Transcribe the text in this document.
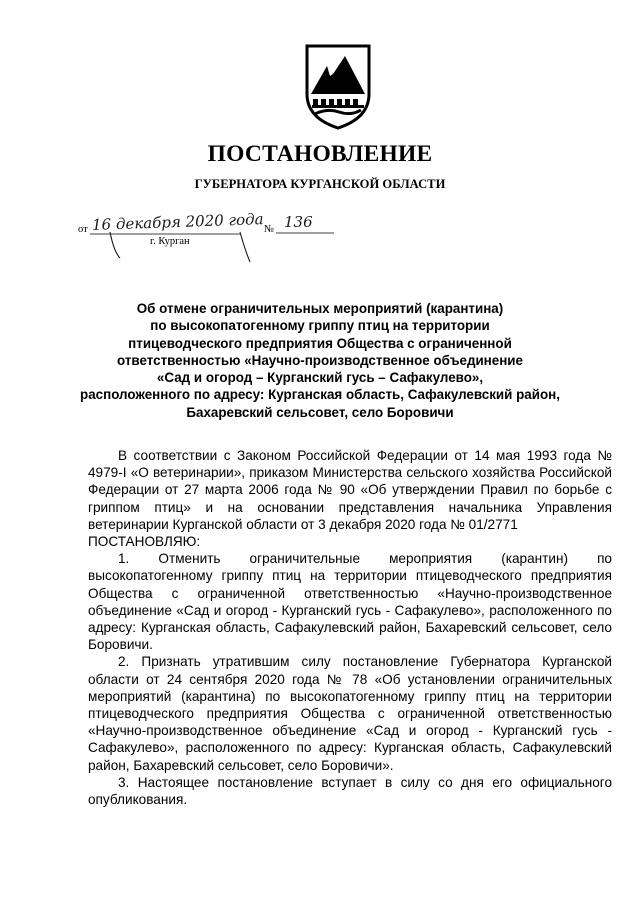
ПОСТАНОВЛЕНИЕ
ГУБЕРНАТОРА КУРГАНСКОЙ ОБЛАСТИ
от 16 декабря 2020 года № 136
г. Курган
Об отмене ограничительных мероприятий (карантина)
по высокопатогенному гриппу птиц на территории
птицеводческого предприятия Общества с ограниченной
ответственностью «Научно-производственное объединение
«Сад и огород – Курганский гусь – Сафакулево»,
расположенного по адресу: Курганская область, Сафакулевский район,
Бахаревский сельсовет, село Боровичи

В соответствии с Законом Российской Федерации от 14 мая 1993 года № 4979-I «О ветеринарии», приказом Министерства сельского хозяйства Российской Федерации от 27 марта 2006 года № 90 «Об утверждении Правил по борьбе с гриппом птиц» и на основании представления начальника Управления ветеринарии Курганской области от 3 декабря 2020 года № 01/2771

ПОСТАНОВЛЯЮ:

1. Отменить ограничительные мероприятия (карантин) по высокопатогенному гриппу птиц на территории птицеводческого предприятия Общества с ограниченной ответственностью «Научно-производственное объединение «Сад и огород - Курганский гусь - Сафакулево», расположенного по адресу: Курганская область, Сафакулевский район, Бахаревский сельсовет, село Боровичи.

2. Признать утратившим силу постановление Губернатора Курганской области от 24 сентября 2020 года № 78 «Об установлении ограничительных мероприятий (карантина) по высокопатогенному гриппу птиц на территории птицеводческого предприятия Общества с ограниченной ответственностью «Научно-производственное объединение «Сад и огород - Курганский гусь - Сафакулево», расположенного по адресу: Курганская область, Сафакулевский район, Бахаревский сельсовет, село Боровичи».

3. Настоящее постановление вступает в силу со дня его официального опубликования.
